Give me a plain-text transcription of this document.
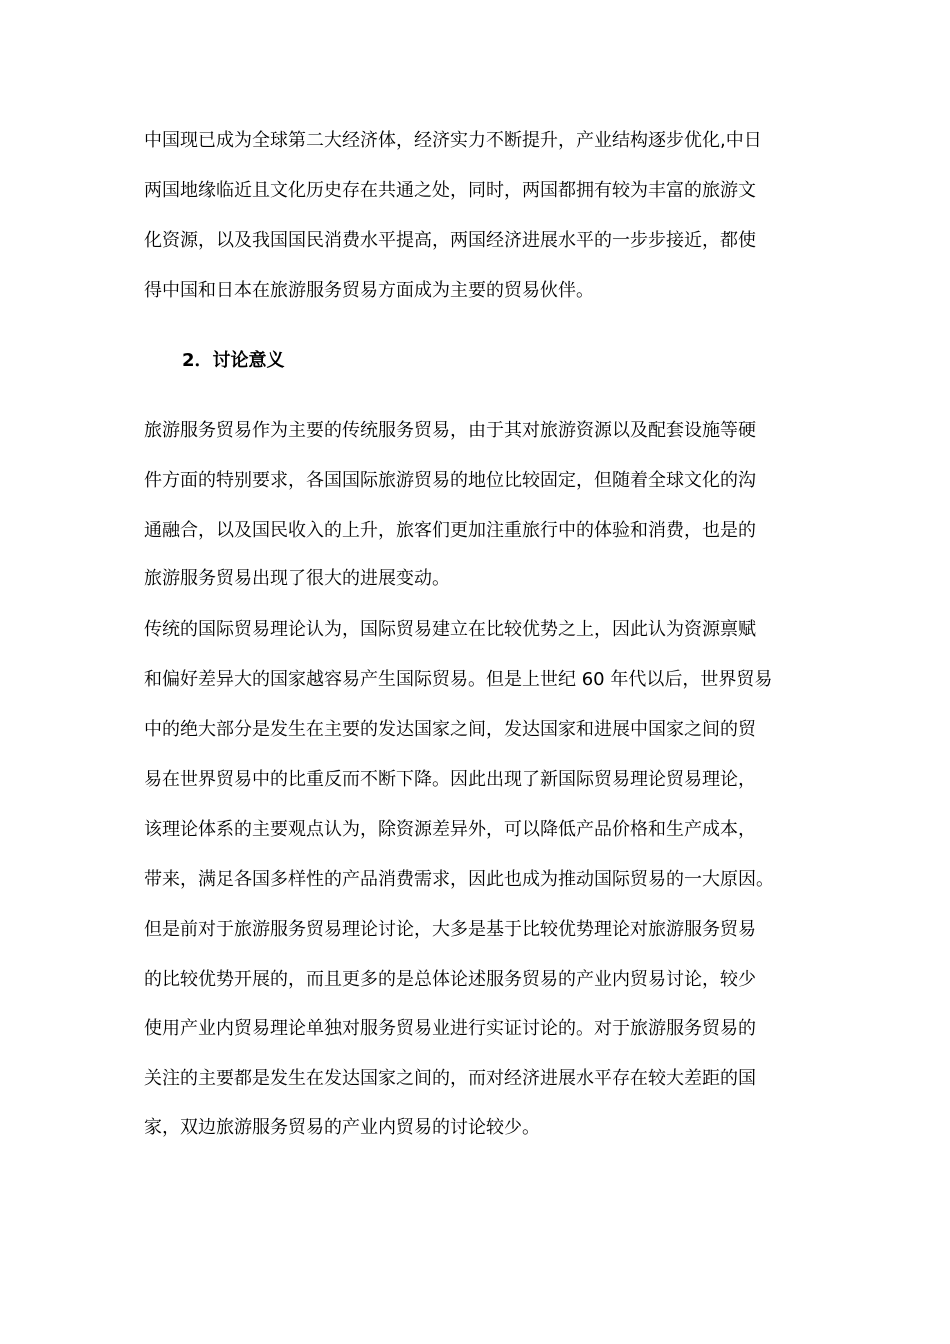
中国现已成为全球第二大经济体，经济实力不断提升，产业结构逐步优化,中日
两国地缘临近且文化历史存在共通之处，同时，两国都拥有较为丰富的旅游文
化资源，以及我国国民消费水平提高，两国经济进展水平的一步步接近，都使
得中国和日本在旅游服务贸易方面成为主要的贸易伙伴。
2．讨论意义
旅游服务贸易作为主要的传统服务贸易，由于其对旅游资源以及配套设施等硬
件方面的特别要求，各国国际旅游贸易的地位比较固定，但随着全球文化的沟
通融合，以及国民收入的上升，旅客们更加注重旅行中的体验和消费，也是的
旅游服务贸易出现了很大的进展变动。
传统的国际贸易理论认为，国际贸易建立在比较优势之上，因此认为资源禀赋
和偏好差异大的国家越容易产生国际贸易。但是上世纪 60 年代以后，世界贸易
中的绝大部分是发生在主要的发达国家之间，发达国家和进展中国家之间的贸
易在世界贸易中的比重反而不断下降。因此出现了新国际贸易理论贸易理论，
该理论体系的主要观点认为，除资源差异外，可以降低产品价格和生产成本，
带来，满足各国多样性的产品消费需求，因此也成为推动国际贸易的一大原因。
但是前对于旅游服务贸易理论讨论，大多是基于比较优势理论对旅游服务贸易
的比较优势开展的，而且更多的是总体论述服务贸易的产业内贸易讨论，较少
使用产业内贸易理论单独对服务贸易业进行实证讨论的。对于旅游服务贸易的
关注的主要都是发生在发达国家之间的，而对经济进展水平存在较大差距的国
家，双边旅游服务贸易的产业内贸易的讨论较少。
